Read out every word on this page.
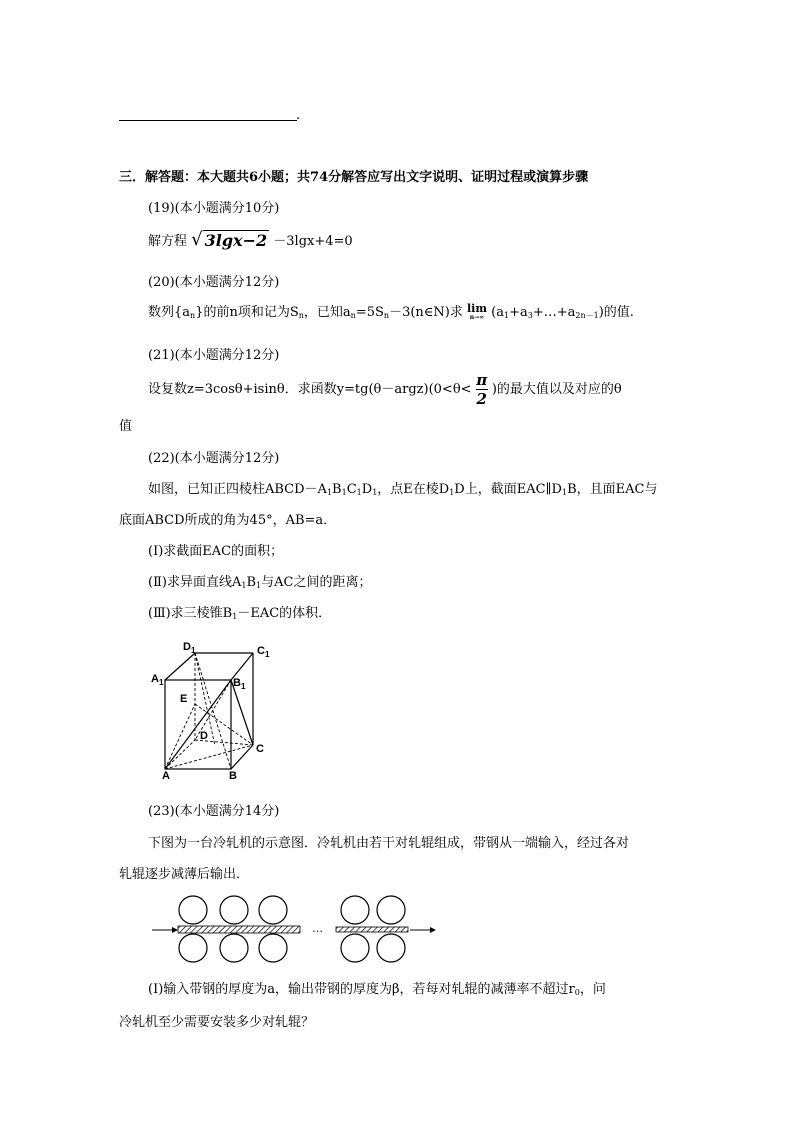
.
三．解答题：本大题共6小题；共74分解答应写出文字说明、证明过程或演算步骤
(19)(本小题满分10分)
解方程 √ 3lgx−2 －3lgx+4=0
(20)(本小题满分12分)
数列$\{a_n\}$的前n项和记为$S_n$，已知$a_n=5S_n-3(n\in N)$求 lim
n→∞ $(a_1+a_3+\dots+a_{2n-1})$的值.
(21)(本小题满分12分)
设复数z=3cosθ+isinθ．求函数y=tg(θ－argz)(0<θ< $\frac{\pi}{2}$ )的最大值以及对应的θ
值
(22)(本小题满分12分)
如图，已知正四棱柱$ABCD-A_1B_1C_1D_1$，点E在棱$D_1D$上，截面$EAC\parallel D_1B$，且面EAC与
底面ABCD所成的角为45°，AB=a．
(Ⅰ)求截面EAC的面积；
(Ⅱ)求异面直线$A_1B_1$与AC之间的距离；
(Ⅲ)求三棱锥$B_1-EAC$的体积．
$D_1$	$C_1$
$A_1$	$B_1$
E
D
C
A	B
(23)(本小题满分14分)
下图为一台冷轧机的示意图．冷轧机由若干对轧辊组成，带钢从一端输入，经过各对
轧辊逐步减薄后输出．
…
(Ⅰ)输入带钢的厚度为a，输出带钢的厚度为β，若每对轧辊的减薄率不超过$r_0$，问
冷轧机至少需要安装多少对轧辊？
